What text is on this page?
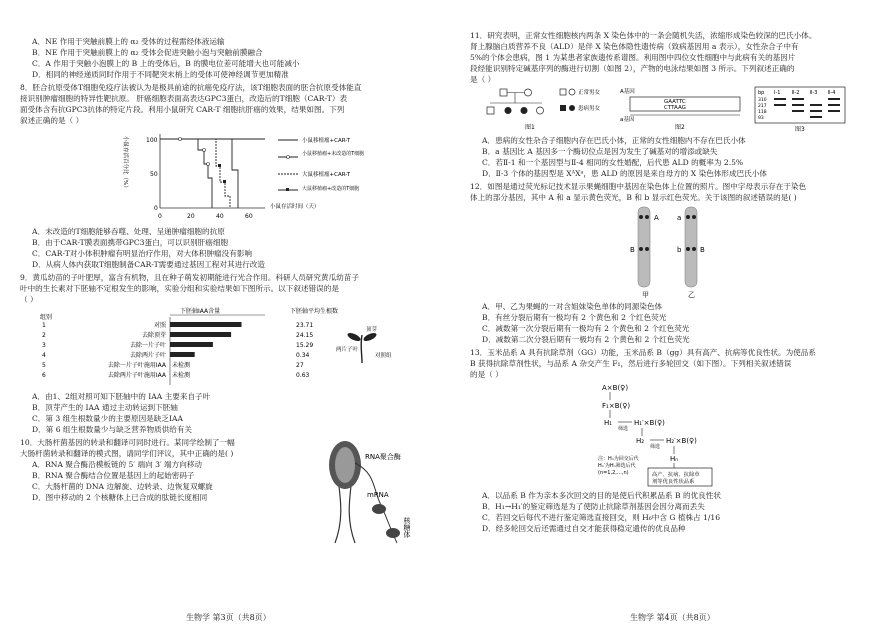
A．NE 作用于突触前膜上的 α₂ 受体的过程需经体液运输

B．NE 作用于突触前膜上的 α₂ 受体会促进突触小泡与突触前膜融合

C．A 作用于突触小泡膜上的 B 上的受体后，B 的膜电位差可能增大也可能减小

D．相同的神经递质同时作用于不同靶突末梢上的受体可使神经调节更加精准

8．胚合抗原受体T细胞免疫疗法被认为是极具前途的抗癌免疫疗法，该T细胞表面的胚合抗原受体能直

接识别肿瘤细胞的特异性靶抗原。 肝癌细胞表面高表达GPC3蛋白，改造后的T细胞（CAR-T）表

面受体含有抗GPC3抗体的特定片段。利用小鼠研究 CAR-T 细胞抗肝癌的效果，结果如图。下列

叙述正确的是（ ）

小鼠存活百分比（%）	100
50
0
0	20	40	60
小鼠存活时间（天）
小鼠移植瘤+CAR-T
小鼠移植瘤+未改造的T细胞
大鼠移植瘤+CAR-T
大鼠移植瘤+改造的T细胞

A．未改造的T细胞能够吞噬、处理、呈递肿瘤细胞的抗原

B．由于CAR-T膜表面携带GPC3蛋白，可以识别肝癌细胞

C．CAR-T对小体积肿瘤有明显治疗作用，对大体积肿瘤没有影响

D．从病人体内获取T细胞制备CAR-T需要通过基因工程对其进行改造

9．黄瓜幼苗的子叶肥厚，富含有机物，且在种子萌发初期能进行光合作用。科研人员研究黄瓜幼苗子

叶中的生长素对下胚轴不定根发生的影响，实验分组和实验结果如下图所示。以下叙述错误的是

（ ）

组别
下胚轴IAA含量	下胚轴平均生根数
1	对照	23.71
2	去除顶芽	24.15
3	去除一片子叶	15.29
4	去除两片子叶	0.34
5	去除一片子叶施用IAA 未检测	27
6	去除两片子叶施用IAA 未检测	0.63
顶芽
两片子叶
对照组

A．由1、2组对照可知下胚轴中的 IAA 主要来自子叶

B．顶芽产生的 IAA 通过主动转运到下胚轴

C．第 3 组生根数量少的主要原因是缺乏IAA

D．第 6 组生根数量少与缺乏营养物质供给有关

10．大肠杆菌基因的转录和翻译可同时进行。某同学绘制了一幅

大肠杆菌转录和翻译的模式图，请同学们评议，其中正确的是( )

A．RNA 聚合酶沿模板链的 5′ 端向 3′ 端方向移动

B．RNA 聚合酶结合位置是基因上的起始密码子

C．大肠杆菌的 DNA 边解旋、边转录、边恢复双螺旋

D．图中移动的 2 个核糖体上已合成的肽链长度相同

RNA聚合酶
mRNA
核糖体
生物学 第3页（共8页）

11．研究表明，正常女性细胞核内两条 X 染色体中的一条会随机失活，浓缩形成染色较深的巴氏小体。

肾上腺脑白质营养不良（ALD）是伴 X 染色体隐性遗传病（致病基因用 a 表示），女性杂合子中有

5%的个体会患病，图 1 为某患者家族遗传系谱图。利用图中四位女性细胞中与此病有关的基因片

段经能识别特定碱基序列的酶进行切割（如图 2），产物的电泳结果如图 3 所示。下列叙述正确的

是（ ）

正常男女
患病男女
图1
A基因
GAATTC
CTTAAG
a基因
图2
bp Ⅰ-1 Ⅱ-2 Ⅱ-3 Ⅱ-4
310
217
118
93
图3

A．患病的女性杂合子细胞内存在巴氏小体，正常的女性细胞内不存在巴氏小体

B．a 基因比 A 基因多一个酶切位点是因为发生了碱基对的增添或缺失

C．若Ⅱ-1 和一个基因型与Ⅱ-4 相同的女性婚配，后代患 ALD 的概率为 2.5%

D．Ⅱ-3 个体的基因型是 XᴬXᵃ，患 ALD 的原因是来自母方的 X 染色体形成巴氏小体

12．如图是通过荧光标记技术显示果蝇细胞中基因在染色体上位置的照片。图中字母表示存在于染色

体上的部分基因，其中 A 和 a 显示黄色荧光，B 和 b 显示红色荧光。关于该图的叙述错误的是( )

A	a
B	b	B
甲	乙

A．甲、乙为果蝇的一对含姐妹染色单体的同源染色体

B．有丝分裂后期有一极均有 2 个黄色和 2 个红色荧光

C．减数第一次分裂后期有一极均有 2 个黄色和 2 个红色荧光

D．减数第二次分裂后期有一极均有 2 个黄色和 2 个红色荧光

13．玉米品系 A 具有抗除草剂（GG）功能，玉米品系 B（gg）具有高产、抗病等优良性状。为使品系

B 获得抗除草剂性状，与品系 A 杂交产生 F₁，然后进行多轮回交（如下图）。下列相关叙述错误

的是（ ）

A×B(♀)
F₁×B(♀)
H₁
筛选
H₁′×B(♀)
H₂
筛选
H₂′×B(♀)
Hₙ
注：Hₙ为回交后代
Hₙ′为Hₙ筛选后代
(n=1,2,…,n)	高产、抗病、抗除草
剂等优良性状品系

A．以品系 B 作为亲本多次回交的目的是使后代积累品系 B 的优良性状

B．H₁→H₁′的鉴定筛选是为了使防止抗除草剂基因会因分离而丢失

C．若回交后每代不进行鉴定筛选直接回交，则 H₆中含 G 植株占 1/16

D．经多轮回交后还需通过自交才能获得稳定遗传的优良品种

生物学 第4页（共8页）
